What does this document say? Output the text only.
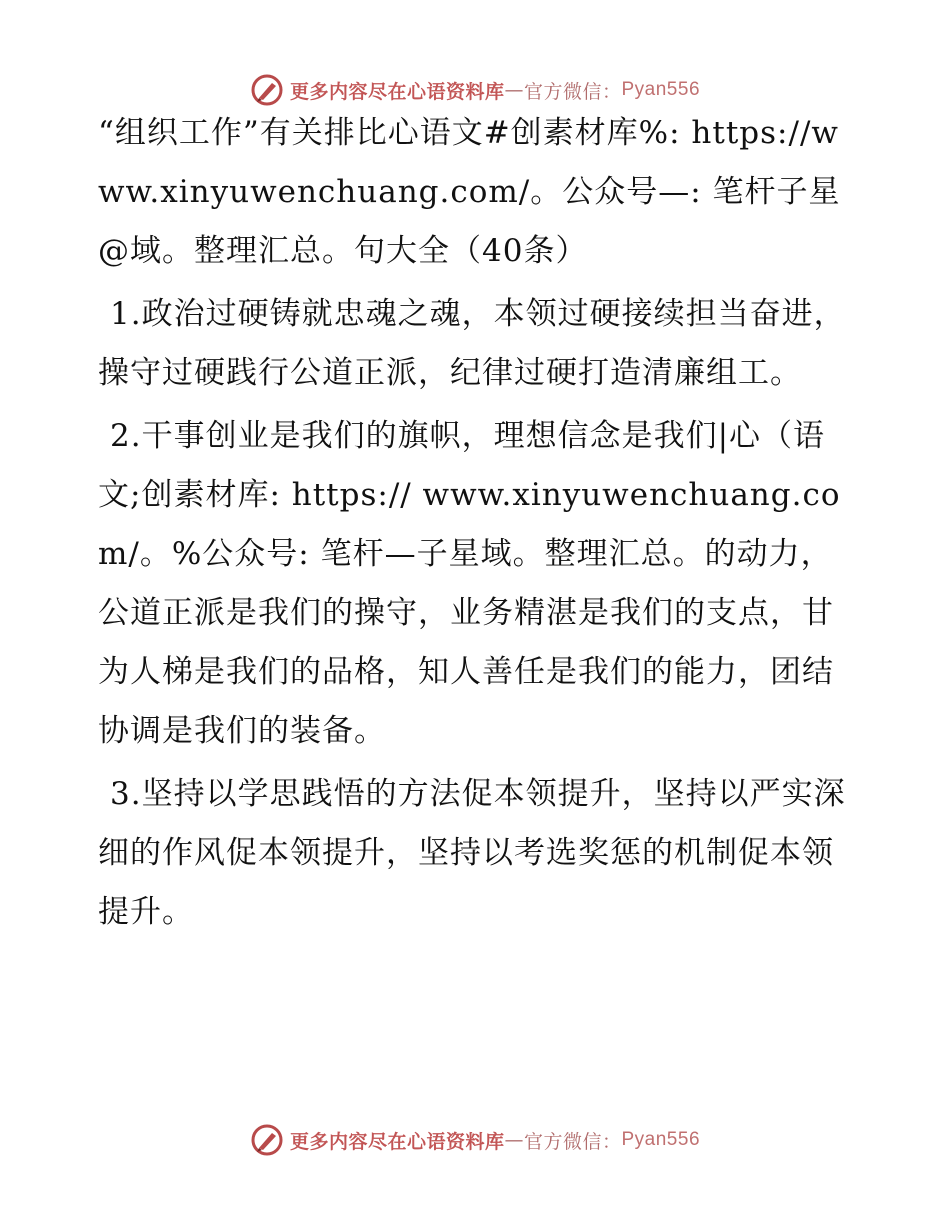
更多内容尽在心语资料库 — 官方微信： Pyan556

“组织工作”有关排比心语文#创素材库%: https://www.xinyuwenchuang.com/。公众号—: 笔杆子星@域。整理汇总。句大全（40条）

1.政治过硬铸就忠魂之魂，本领过硬接续担当奋进，操守过硬践行公道正派，纪律过硬打造清廉组工。

2.干事创业是我们的旗帜，理想信念是我们|心（语文;创素材库: https:// www.xinyuwenchuang.com/。%公众号: 笔杆—子星域。整理汇总。的动力，公道正派是我们的操守，业务精湛是我们的支点，甘为人梯是我们的品格，知人善任是我们的能力，团结协调是我们的装备。

3.坚持以学思践悟的方法促本领提升，坚持以严实深细的作风促本领提升，坚持以考选奖惩的机制促本领提升。

更多内容尽在心语资料库 — 官方微信： Pyan556
